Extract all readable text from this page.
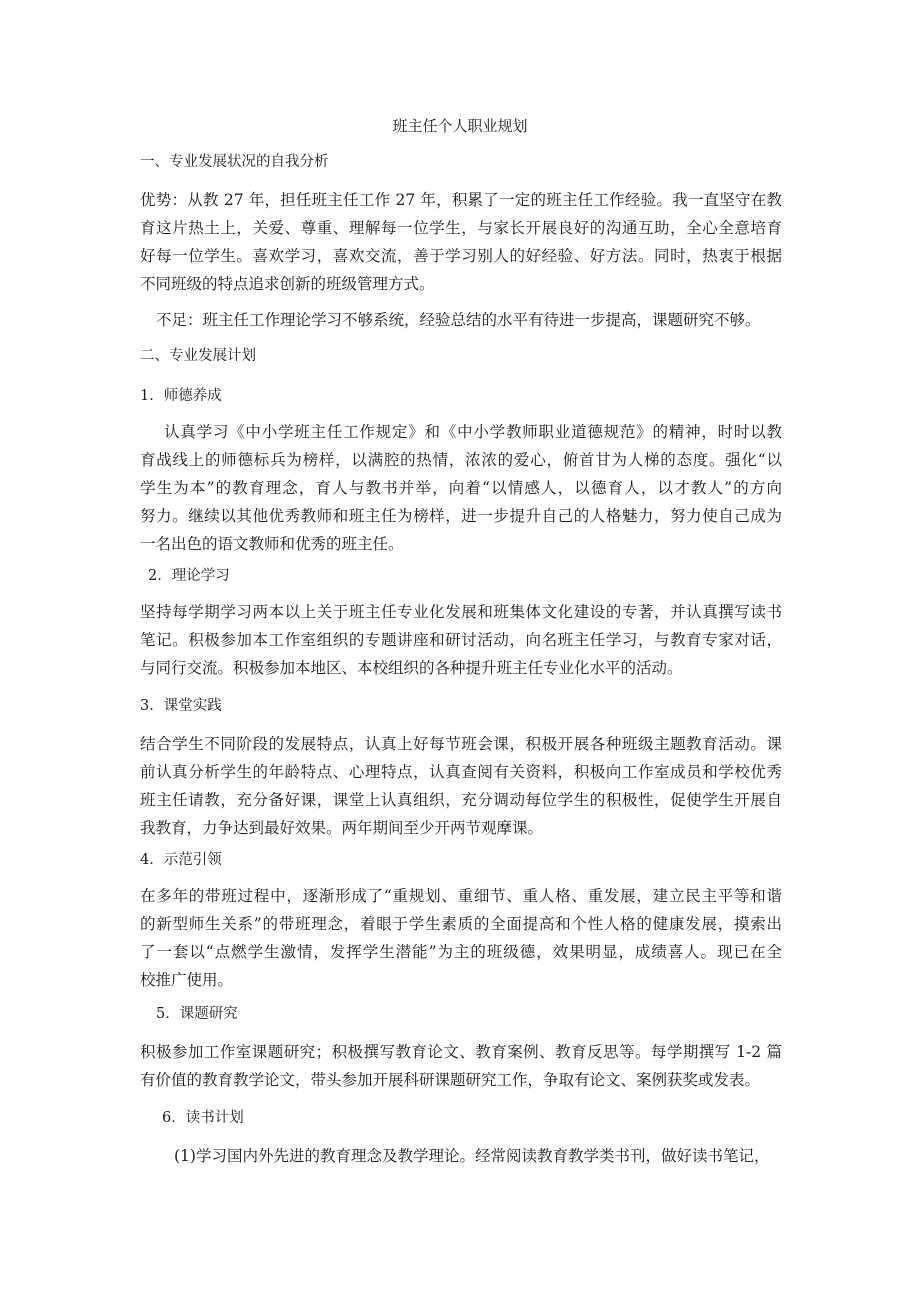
班主任个人职业规划
一、专业发展状况的自我分析
优势：从教 27 年，担任班主任工作 27 年，积累了一定的班主任工作经验。我一直坚守在教
育这片热土上，关爱、尊重、理解每一位学生，与家长开展良好的沟通互助，全心全意培育
好每一位学生。喜欢学习，喜欢交流，善于学习别人的好经验、好方法。同时，热衷于根据
不同班级的特点追求创新的班级管理方式。
不足：班主任工作理论学习不够系统，经验总结的水平有待进一步提高，课题研究不够。
二、专业发展计划
1．师德养成
认真学习《中小学班主任工作规定》和《中小学教师职业道德规范》的精神，时时以教
育战线上的师德标兵为榜样，以满腔的热情，浓浓的爱心，俯首甘为人梯的态度。强化“以
学生为本”的教育理念，育人与教书并举，向着“以情感人，以德育人，以才教人”的方向
努力。继续以其他优秀教师和班主任为榜样，进一步提升自己的人格魅力，努力使自己成为
一名出色的语文教师和优秀的班主任。
2．理论学习
坚持每学期学习两本以上关于班主任专业化发展和班集体文化建设的专著，并认真撰写读书
笔记。积极参加本工作室组织的专题讲座和研讨活动，向名班主任学习，与教育专家对话，
与同行交流。积极参加本地区、本校组织的各种提升班主任专业化水平的活动。
3．课堂实践
结合学生不同阶段的发展特点，认真上好每节班会课，积极开展各种班级主题教育活动。课
前认真分析学生的年龄特点、心理特点，认真查阅有关资料，积极向工作室成员和学校优秀
班主任请教，充分备好课，课堂上认真组织，充分调动每位学生的积极性，促使学生开展自
我教育，力争达到最好效果。两年期间至少开两节观摩课。
4．示范引领
在多年的带班过程中，逐渐形成了“重规划、重细节、重人格、重发展，建立民主平等和谐
的新型师生关系”的带班理念，着眼于学生素质的全面提高和个性人格的健康发展，摸索出
了一套以“点燃学生激情，发挥学生潜能”为主的班级德，效果明显，成绩喜人。现已在全
校推广使用。
5．课题研究
积极参加工作室课题研究；积极撰写教育论文、教育案例、教育反思等。每学期撰写 1-2 篇
有价值的教育教学论文，带头参加开展科研课题研究工作，争取有论文、案例获奖或发表。
6．读书计划
(1)学习国内外先进的教育理念及教学理论。经常阅读教育教学类书刊，做好读书笔记，
